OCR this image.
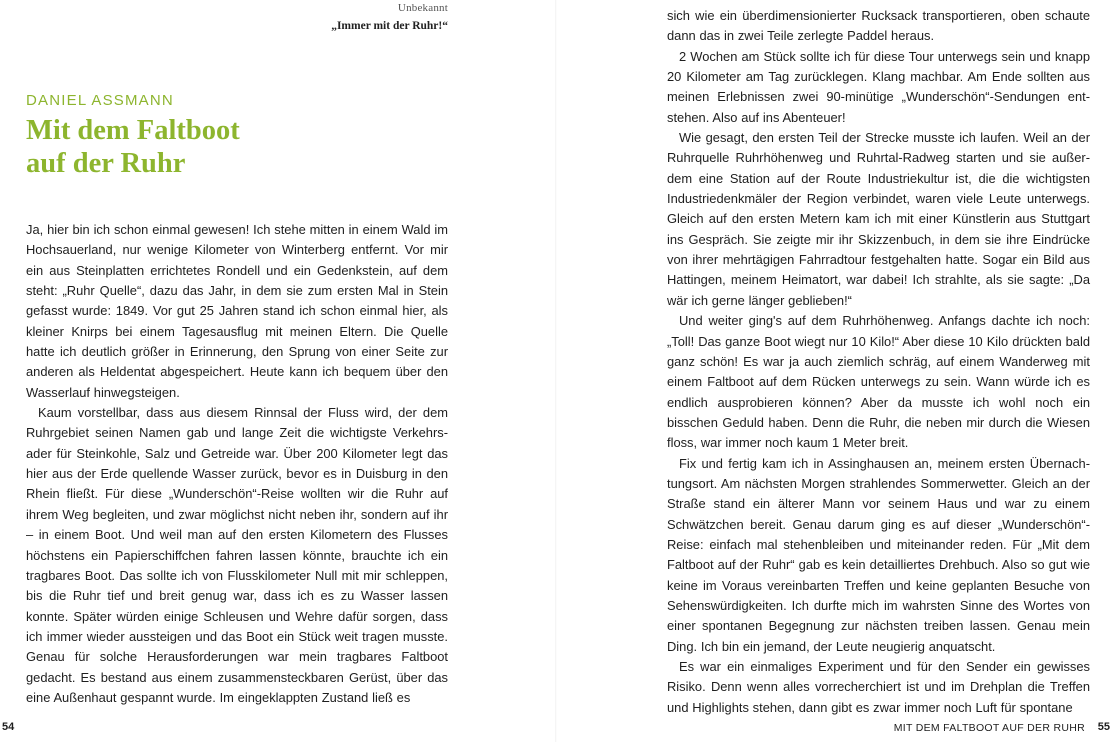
Unbekannt
„Immer mit der Ruhr!“
DANIEL ASSMANN
Mit dem Faltboot
auf der Ruhr

Ja, hier bin ich schon einmal gewesen! Ich stehe mitten in einem Wald im Hochsauerland, nur wenige Kilometer von Winterberg entfernt. Vor mir ein aus Steinplatten errichtetes Rondell und ein Gedenkstein, auf dem steht: „Ruhr Quelle“, dazu das Jahr, in dem sie zum ersten Mal in Stein gefasst wurde: 1849. Vor gut 25 Jahren stand ich schon einmal hier, als kleiner Knirps bei einem Tagesausflug mit meinen Eltern. Die Quelle hatte ich deutlich größer in Erinnerung, den Sprung von einer Seite zur anderen als Heldentat abgespeichert. Heute kann ich bequem über den Wasserlauf hinwegsteigen.

Kaum vorstellbar, dass aus diesem Rinnsal der Fluss wird, der dem Ruhrgebiet seinen Namen gab und lange Zeit die wichtigste Verkehrsader für Steinkohle, Salz und Getreide war. Über 200 Kilometer legt das hier aus der Erde quellende Wasser zurück, bevor es in Duisburg in den Rhein fließt. Für diese „Wunderschön“-Reise wollten wir die Ruhr auf ihrem Weg begleiten, und zwar möglichst nicht neben ihr, sondern auf ihr – in einem Boot. Und weil man auf den ersten Kilometern des Flusses höchstens ein Papierschiffchen fahren lassen könnte, brauchte ich ein tragbares Boot. Das sollte ich von Flusskilometer Null mit mir schleppen, bis die Ruhr tief und breit genug war, dass ich es zu Wasser lassen konnte. Später würden einige Schleusen und Wehre dafür sorgen, dass ich immer wieder aussteigen und das Boot ein Stück weit tragen musste. Genau für solche Herausforderungen war mein tragbares Faltboot gedacht. Es bestand aus einem zusammensteckbaren Gerüst, über das eine Außenhaut gespannt wurde. Im eingeklappten Zustand ließ es

54

sich wie ein überdimensionierter Rucksack transportieren, oben schaute dann das in zwei Teile zerlegte Paddel heraus.

2 Wochen am Stück sollte ich für diese Tour unterwegs sein und knapp 20 Kilometer am Tag zurücklegen. Klang machbar. Am Ende sollten aus meinen Erlebnissen zwei 90-minütige „Wunderschön“-Sendungen entstehen. Also auf ins Abenteuer!

Wie gesagt, den ersten Teil der Strecke musste ich laufen. Weil an der Ruhrquelle Ruhrhöhenweg und Ruhrtal-Radweg starten und sie außerdem eine Station auf der Route Industriekultur ist, die die wichtigsten Industriedenkmäler der Region verbindet, waren viele Leute unterwegs. Gleich auf den ersten Metern kam ich mit einer Künstlerin aus Stuttgart ins Gespräch. Sie zeigte mir ihr Skizzenbuch, in dem sie ihre Eindrücke von ihrer mehrtägigen Fahrradtour festgehalten hatte. Sogar ein Bild aus Hattingen, meinem Heimatort, war dabei! Ich strahlte, als sie sagte: „Da wär ich gerne länger geblieben!“

Und weiter ging's auf dem Ruhrhöhenweg. Anfangs dachte ich noch: „Toll! Das ganze Boot wiegt nur 10 Kilo!“ Aber diese 10 Kilo drückten bald ganz schön! Es war ja auch ziemlich schräg, auf einem Wanderweg mit einem Faltboot auf dem Rücken unterwegs zu sein. Wann würde ich es endlich ausprobieren können? Aber da musste ich wohl noch ein bisschen Geduld haben. Denn die Ruhr, die neben mir durch die Wiesen floss, war immer noch kaum 1 Meter breit.

Fix und fertig kam ich in Assinghausen an, meinem ersten Übernachtungsort. Am nächsten Morgen strahlendes Sommerwetter. Gleich an der Straße stand ein älterer Mann vor seinem Haus und war zu einem Schwätzchen bereit. Genau darum ging es auf dieser „Wunderschön“-Reise: einfach mal stehenbleiben und miteinander reden. Für „Mit dem Faltboot auf der Ruhr“ gab es kein detailliertes Drehbuch. Also so gut wie keine im Voraus vereinbarten Treffen und keine geplanten Besuche von Sehenswürdigkeiten. Ich durfte mich im wahrsten Sinne des Wortes von einer spontanen Begegnung zur nächsten treiben lassen. Genau mein Ding. Ich bin ein jemand, der Leute neugierig anquatscht.

Es war ein einmaliges Experiment und für den Sender ein gewisses Risiko. Denn wenn alles vorrecherchiert ist und im Drehplan die Treffen und Highlights stehen, dann gibt es zwar immer noch Luft für spontane

MIT DEM FALTBOOT AUF DER RUHR 55
